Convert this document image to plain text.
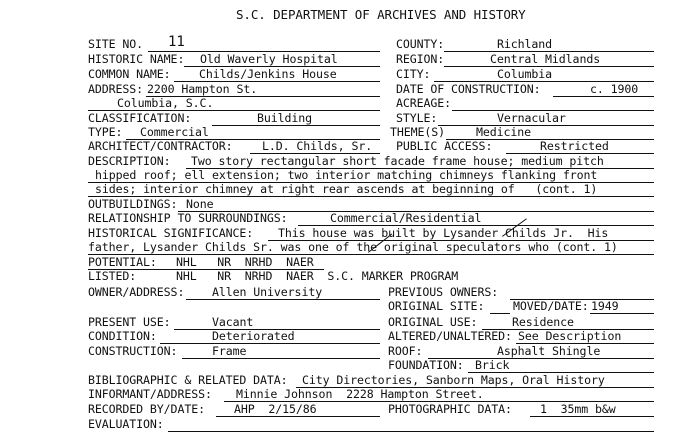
S.C. DEPARTMENT OF ARCHIVES AND HISTORY
SITE NO. 11	COUNTY:	Richland
HISTORIC NAME: Old Waverly Hospital	REGION:	Central Midlands
COMMON NAME: Childs/Jenkins House	CITY:	Columbia
ADDRESS: 2200 Hampton St.	DATE OF CONSTRUCTION:	c. 1900
Columbia, S.C.	ACREAGE:
CLASSIFICATION:	Building	STYLE:	Vernacular
TYPE: Commercial	THEME(S)	Medicine
ARCHITECT/CONTRACTOR:	L.D. Childs, Sr. PUBLIC ACCESS:	Restricted
DESCRIPTION: Two story rectangular short facade frame house; medium pitch
hipped roof; ell extension; two interior matching chimneys flanking front
sides; interior chimney at right rear ascends at beginning of   (cont. 1)
OUTBUILDINGS: None
RELATIONSHIP TO SURROUNDINGS:	Commercial/Residential
HISTORICAL SIGNIFICANCE: This house was built by Lysander Childs Jr.  His
father, Lysander Childs Sr. was one of the original speculators who (cont. 1)
POTENTIAL: NHL   NR  NRHD  NAER
LISTED:	NHL   NR  NRHD  NAER  S.C. MARKER PROGRAM
OWNER/ADDRESS: Allen University	PREVIOUS OWNERS:
ORIGINAL SITE: MOVED/DATE: 1949
PRESENT USE:	Vacant	ORIGINAL USE:	Residence
CONDITION:	Deteriorated	ALTERED/UNALTERED: See Description
CONSTRUCTION:	Frame	ROOF:	Asphalt Shingle
FOUNDATION: Brick
BIBLIOGRAPHIC & RELATED DATA: City Directories, Sanborn Maps, Oral History
INFORMANT/ADDRESS: Minnie Johnson  2228 Hampton Street.
RECORDED BY/DATE:	AHP  2/15/86	PHOTOGRAPHIC DATA: 1  35mm b&w
EVALUATION:
